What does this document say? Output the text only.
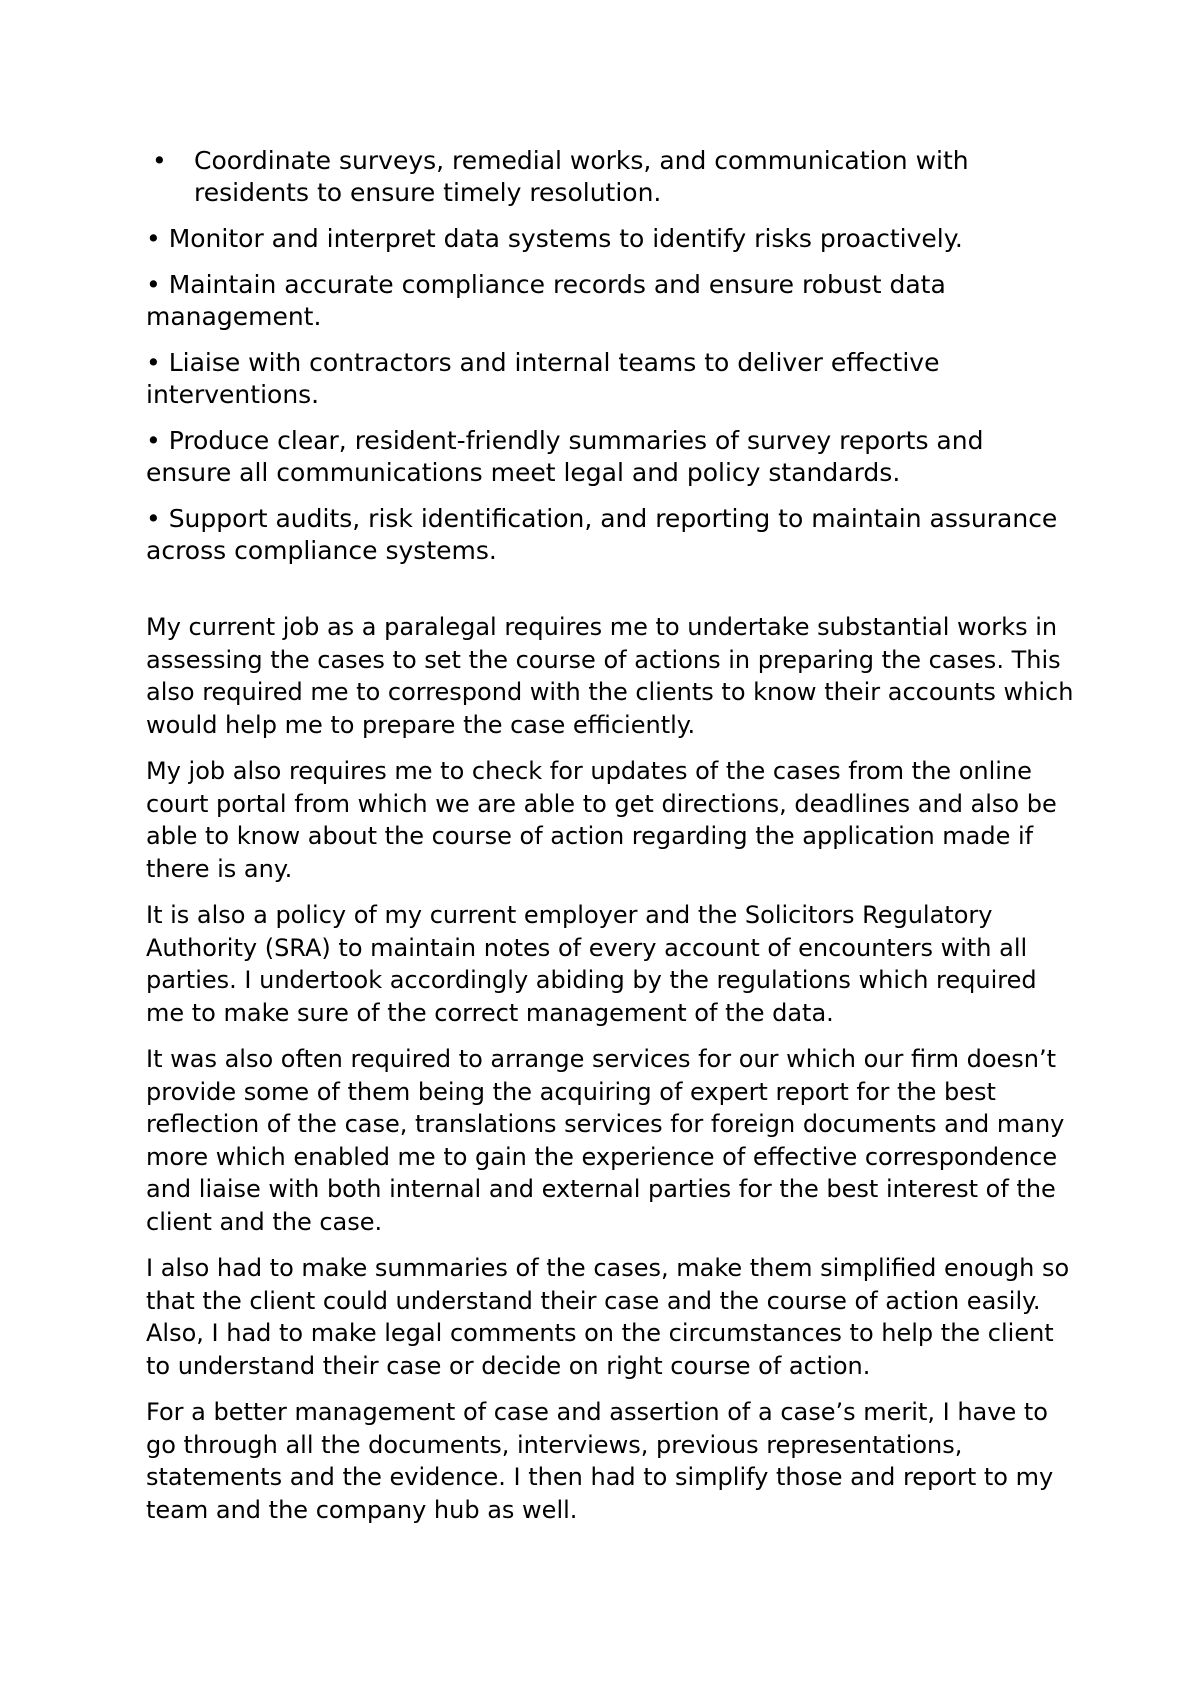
•	Coordinate surveys, remedial works, and communication with residents to ensure timely resolution.

• Monitor and interpret data systems to identify risks proactively.

• Maintain accurate compliance records and ensure robust data management.

• Liaise with contractors and internal teams to deliver effective interventions.

• Produce clear, resident-friendly summaries of survey reports and ensure all communications meet legal and policy standards.

• Support audits, risk identification, and reporting to maintain assurance across compliance systems.

My current job as a paralegal requires me to undertake substantial works in assessing the cases to set the course of actions in preparing the cases. This also required me to correspond with the clients to know their accounts which would help me to prepare the case efficiently.

My job also requires me to check for updates of the cases from the online court portal from which we are able to get directions, deadlines and also be able to know about the course of action regarding the application made if there is any.

It is also a policy of my current employer and the Solicitors Regulatory Authority (SRA) to maintain notes of every account of encounters with all parties. I undertook accordingly abiding by the regulations which required me to make sure of the correct management of the data.

It was also often required to arrange services for our which our firm doesn’t provide some of them being the acquiring of expert report for the best reflection of the case, translations services for foreign documents and many more which enabled me to gain the experience of effective correspondence and liaise with both internal and external parties for the best interest of the client and the case.

I also had to make summaries of the cases, make them simplified enough so that the client could understand their case and the course of action easily. Also, I had to make legal comments on the circumstances to help the client to understand their case or decide on right course of action.

For a better management of case and assertion of a case’s merit, I have to go through all the documents, interviews, previous representations, statements and the evidence. I then had to simplify those and report to my team and the company hub as well.
